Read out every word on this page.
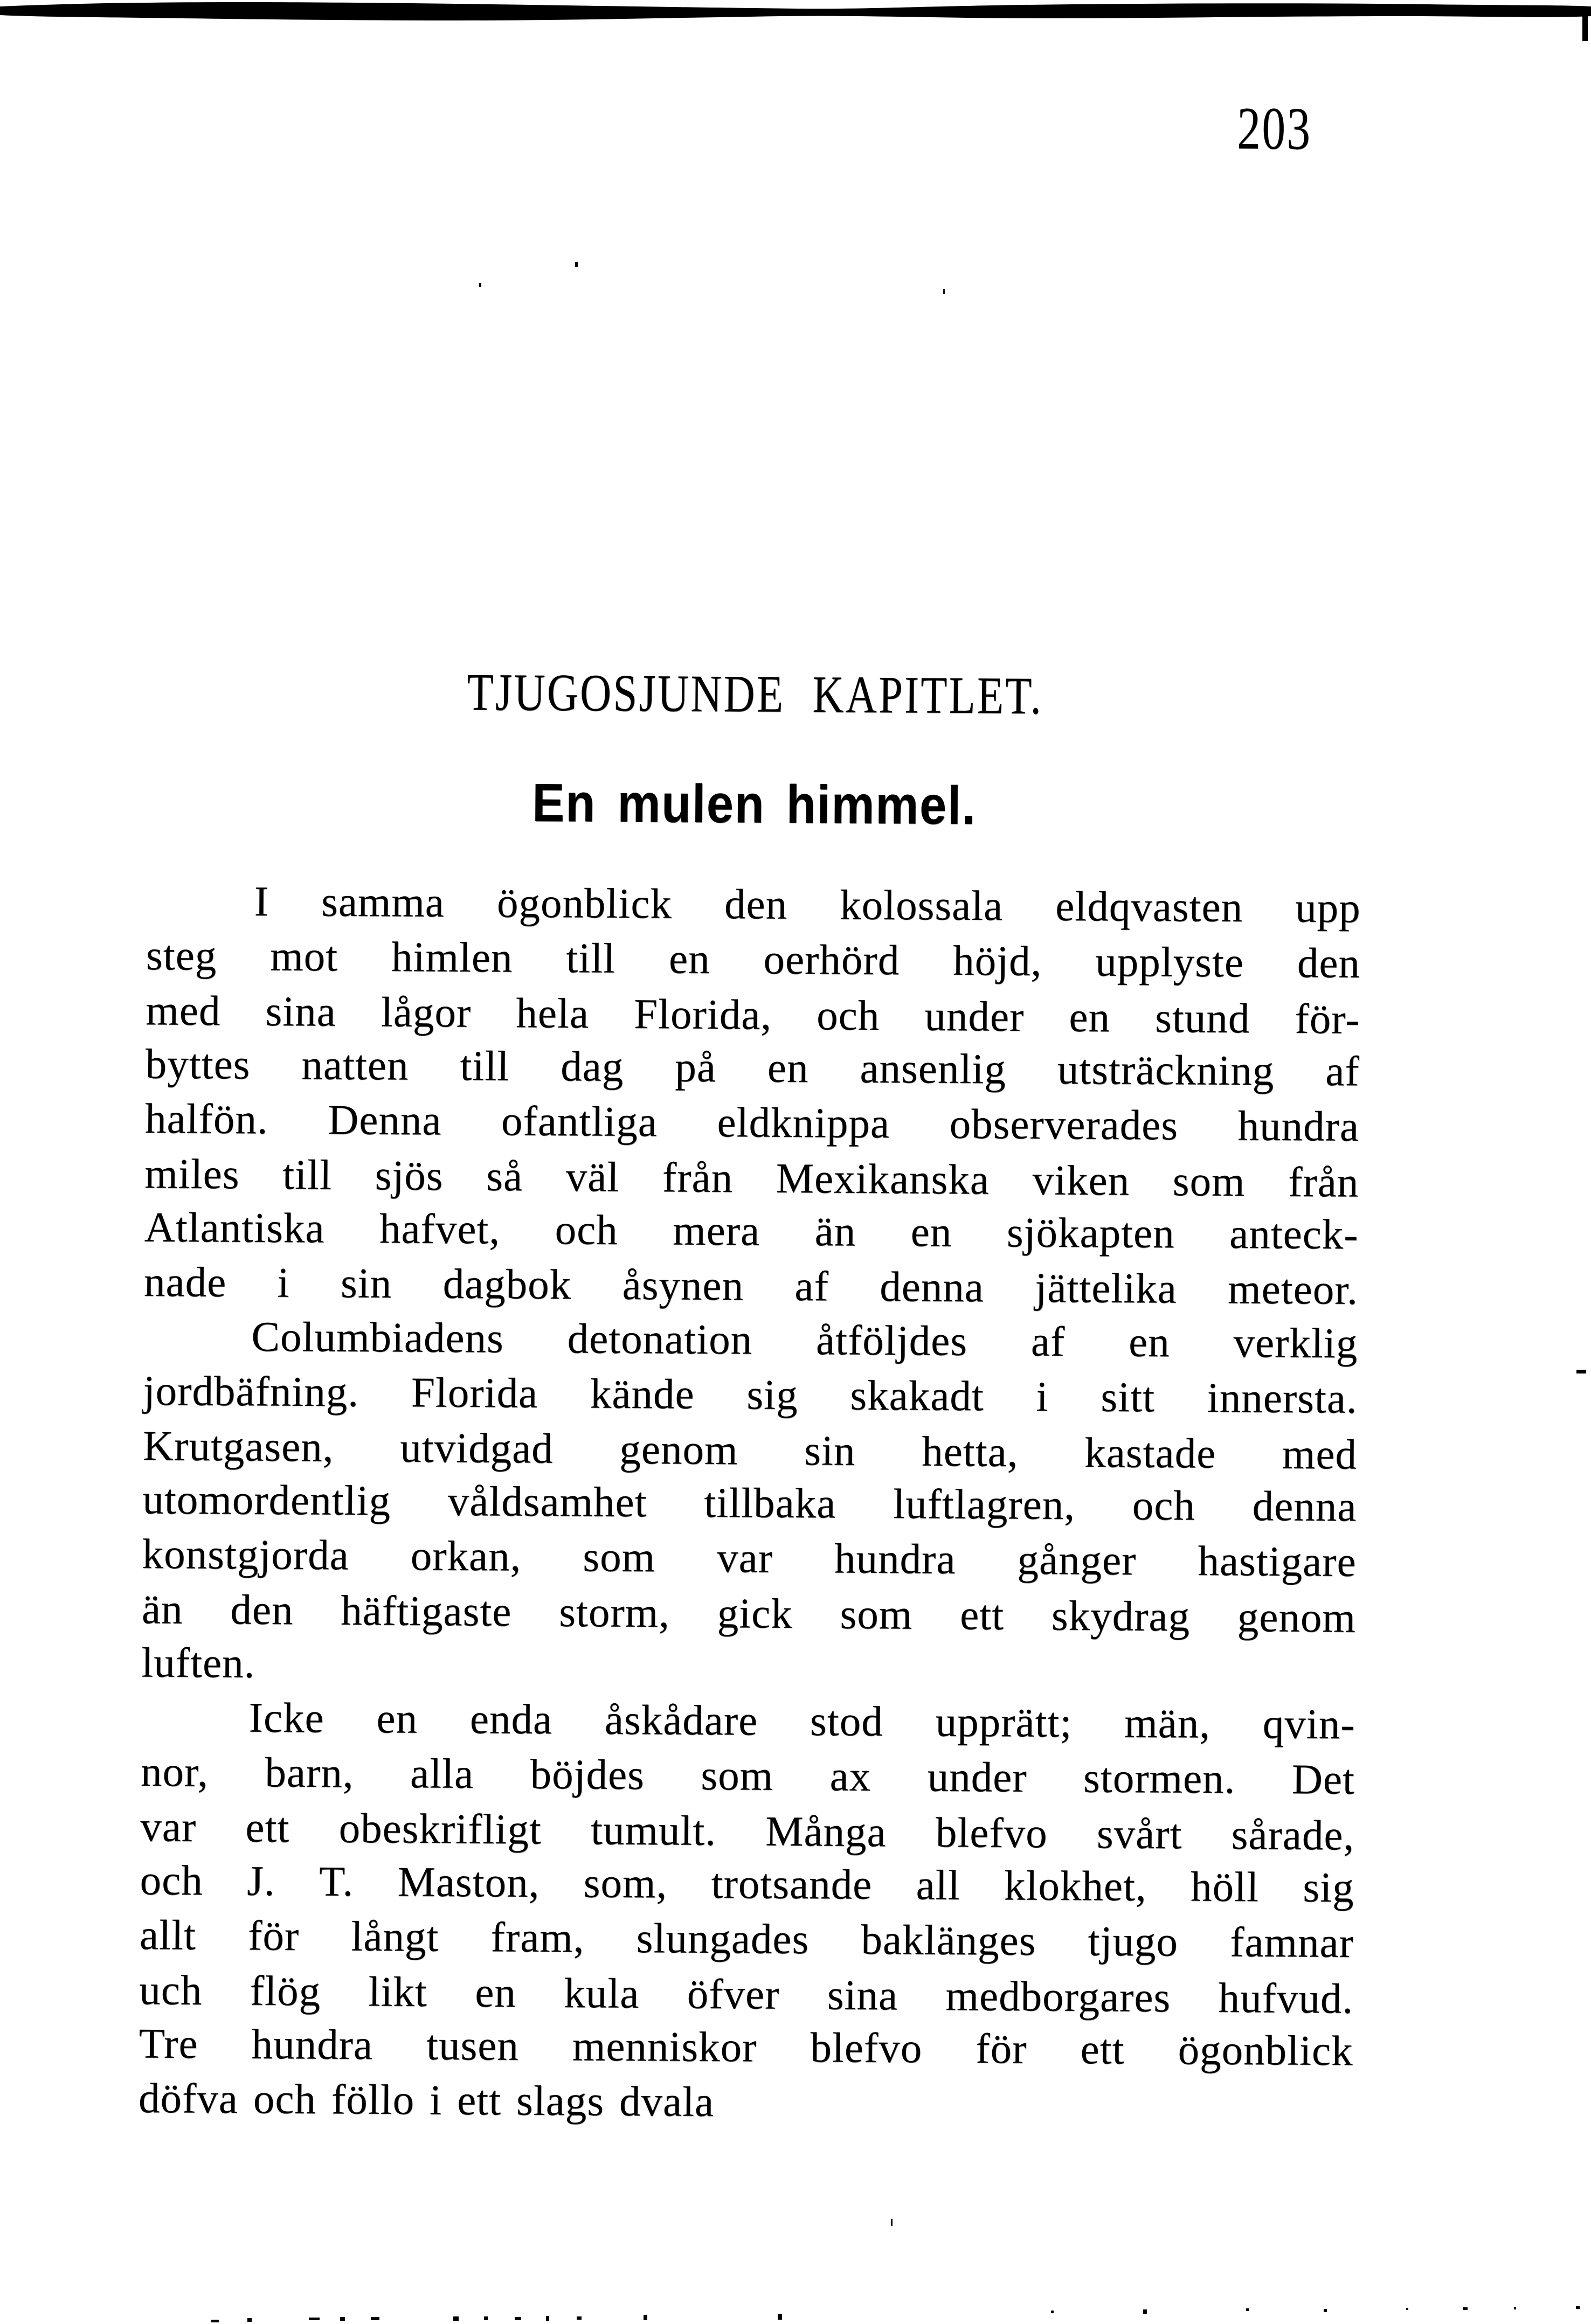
203
TJUGOSJUNDE KAPITLET.
En mulen himmel.
I samma ögonblick den kolossala eldqvasten upp
steg mot himlen till en oerhörd höjd, upplyste den
med sina lågor hela Florida, och under en stund för-
byttes natten till dag på en ansenlig utsträckning af
halfön. Denna ofantliga eldknippa observerades hundra
miles till sjös så väl från Mexikanska viken som från
Atlantiska hafvet, och mera än en sjökapten anteck-
nade i sin dagbok åsynen af denna jättelika meteor.
Columbiadens detonation åtföljdes af en verklig
jordbäfning. Florida kände sig skakadt i sitt innersta.
Krutgasen, utvidgad genom sin hetta, kastade med
utomordentlig våldsamhet tillbaka luftlagren, och denna
konstgjorda orkan, som var hundra gånger hastigare
än den häftigaste storm, gick som ett skydrag genom
luften.
Icke en enda åskådare stod upprätt; män, qvin-
nor, barn, alla böjdes som ax under stormen. Det
var ett obeskrifligt tumult. Många blefvo svårt sårade,
och J. T. Maston, som, trotsande all klokhet, höll sig
allt för långt fram, slungades baklänges tjugo famnar
uch flög likt en kula öfver sina medborgares hufvud.
Tre hundra tusen menniskor blefvo för ett ögonblick
döfva och föllo i ett slags dvala
